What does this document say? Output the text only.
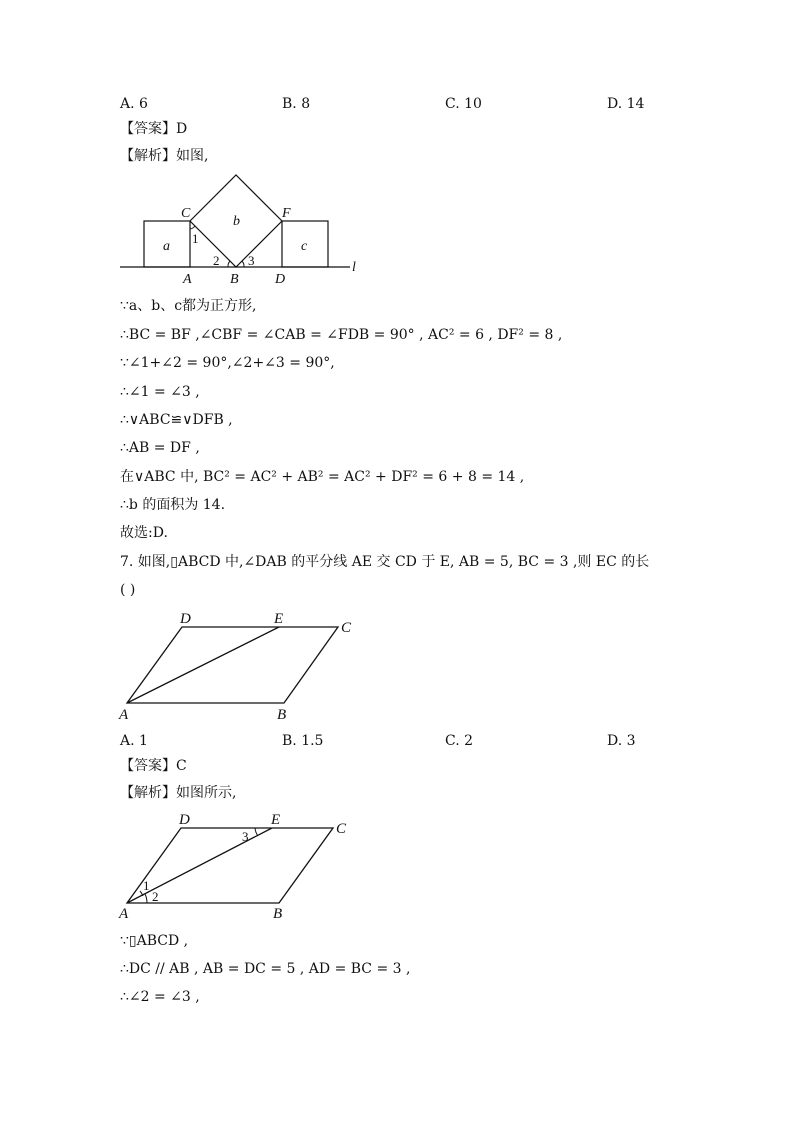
A. 6	B. 8	C. 10	D. 14
【答案】D
【解析】如图,
C	F
b
a	c
1
2 3
A	B	D
l
∵a、b、c都为正方形,
∴BC = BF ,∠CBF = ∠CAB = ∠FDB = 90° , AC² = 6 , DF² = 8 ,
∵∠1+∠2 = 90°,∠2+∠3 = 90°,
∴∠1 = ∠3 ,
∴∨ABC≌∨DFB ,
∴AB = DF ,
在∨ABC 中, BC² = AC² + AB² = AC² + DF² = 6 + 8 = 14 ,
∴b 的面积为 14.
故选:D.
7. 如图,▯ABCD 中,∠DAB 的平分线 AE 交 CD 于 E, AB = 5, BC = 3 ,则 EC 的长
( )
D	E
C
A	B
A. 1	B. 1.5	C. 2	D. 3
【答案】C
【解析】如图所示,
D	E
C
3
1
2
A	B
∵▯ABCD ,
∴DC // AB , AB = DC = 5 , AD = BC = 3 ,
∴∠2 = ∠3 ,
